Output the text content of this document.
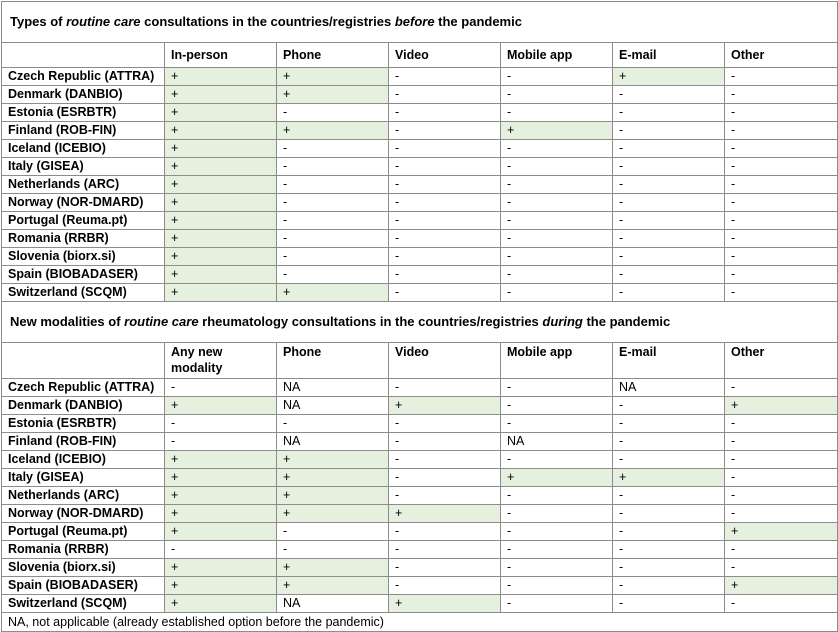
Types of routine care consultations in the countries/registries before the pandemic						
	In-person	Phone	Video	Mobile app	E-mail	Other
Czech Republic (ATTRA)	+	+	-	-	+	-
Denmark (DANBIO)	+	+	-	-	-	-
Estonia (ESRBTR)	+	-	-	-	-	-
Finland (ROB-FIN)	+	+	-	+	-	-
Iceland (ICEBIO)	+	-	-	-	-	-
Italy (GISEA)	+	-	-	-	-	-
Netherlands (ARC)	+	-	-	-	-	-
Norway (NOR-DMARD)	+	-	-	-	-	-
Portugal (Reuma.pt)	+	-	-	-	-	-
Romania (RRBR)	+	-	-	-	-	-
Slovenia (biorx.si)	+	-	-	-	-	-
Spain (BIOBADASER)	+	-	-	-	-	-
Switzerland (SCQM)	+	+	-	-	-	-
New modalities of routine care rheumatology consultations in the countries/registries during the pandemic						
	Any new modality	Phone	Video	Mobile app	E-mail	Other
Czech Republic (ATTRA)	-	NA	-	-	NA	-
Denmark (DANBIO)	+	NA	+	-	-	+
Estonia (ESRBTR)	-	-	-	-	-	-
Finland (ROB-FIN)	-	NA	-	NA	-	-
Iceland (ICEBIO)	+	+	-	-	-	-
Italy (GISEA)	+	+	-	+	+	-
Netherlands (ARC)	+	+	-	-	-	-
Norway (NOR-DMARD)	+	+	+	-	-	-
Portugal (Reuma.pt)	+	-	-	-	-	+
Romania (RRBR)	-	-	-	-	-	-
Slovenia (biorx.si)	+	+	-	-	-	-
Spain (BIOBADASER)	+	+	-	-	-	+
Switzerland (SCQM)	+	NA	+	-	-	-
NA, not applicable (already established option before the pandemic)						
